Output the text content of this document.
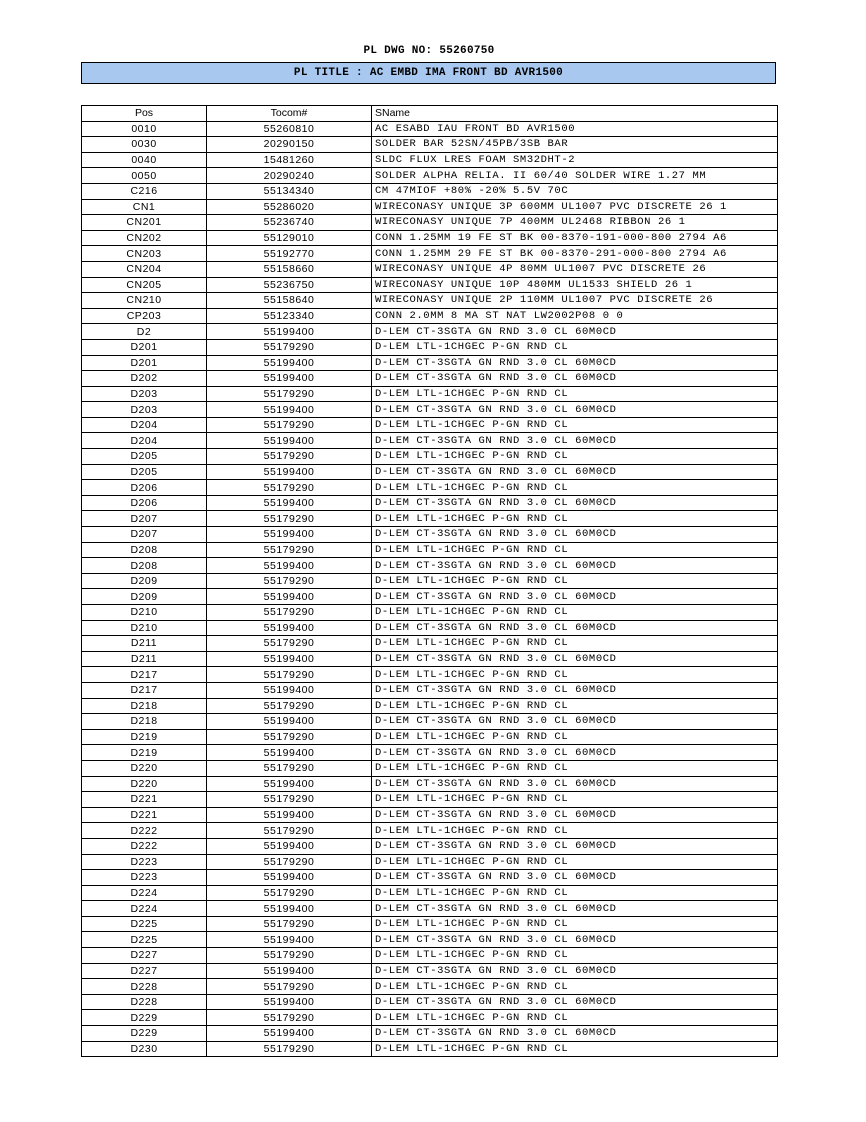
PL DWG NO: 55260750
PL TITLE : AC EMBD IMA FRONT BD AVR1500
Pos	Tocom#	SName
0010	55260810	AC ESABD IAU FRONT BD AVR1500
0030	20290150	SOLDER BAR 52SN/45PB/3SB BAR
0040	15481260	SLDC FLUX LRES FOAM SM32DHT-2
0050	20290240	SOLDER ALPHA RELIA. II 60/40 SOLDER WIRE 1.27 MM
C216	55134340	CM 47MIOF +80% -20% 5.5V 70C
CN1	55286020	WIRECONASY UNIQUE 3P 600MM UL1007 PVC DISCRETE 26 1
CN201	55236740	WIRECONASY UNIQUE 7P 400MM UL2468 RIBBON 26 1
CN202	55129010	CONN 1.25MM 19 FE ST BK 00-8370-191-000-800 2794 A6
CN203	55192770	CONN 1.25MM 29 FE ST BK 00-8370-291-000-800 2794 A6
CN204	55158660	WIRECONASY UNIQUE 4P 80MM UL1007 PVC DISCRETE 26
CN205	55236750	WIRECONASY UNIQUE 10P 480MM UL1533 SHIELD 26 1
CN210	55158640	WIRECONASY UNIQUE 2P 110MM UL1007 PVC DISCRETE 26
CP203	55123340	CONN 2.0MM 8 MA ST NAT LW2002P08 0 0
D2	55199400	D-LEM CT-3SGTA GN RND 3.0 CL 60M0CD
D201	55179290	D-LEM LTL-1CHGEC P-GN RND CL
D201	55199400	D-LEM CT-3SGTA GN RND 3.0 CL 60M0CD
D202	55199400	D-LEM CT-3SGTA GN RND 3.0 CL 60M0CD
D203	55179290	D-LEM LTL-1CHGEC P-GN RND CL
D203	55199400	D-LEM CT-3SGTA GN RND 3.0 CL 60M0CD
D204	55179290	D-LEM LTL-1CHGEC P-GN RND CL
D204	55199400	D-LEM CT-3SGTA GN RND 3.0 CL 60M0CD
D205	55179290	D-LEM LTL-1CHGEC P-GN RND CL
D205	55199400	D-LEM CT-3SGTA GN RND 3.0 CL 60M0CD
D206	55179290	D-LEM LTL-1CHGEC P-GN RND CL
D206	55199400	D-LEM CT-3SGTA GN RND 3.0 CL 60M0CD
D207	55179290	D-LEM LTL-1CHGEC P-GN RND CL
D207	55199400	D-LEM CT-3SGTA GN RND 3.0 CL 60M0CD
D208	55179290	D-LEM LTL-1CHGEC P-GN RND CL
D208	55199400	D-LEM CT-3SGTA GN RND 3.0 CL 60M0CD
D209	55179290	D-LEM LTL-1CHGEC P-GN RND CL
D209	55199400	D-LEM CT-3SGTA GN RND 3.0 CL 60M0CD
D210	55179290	D-LEM LTL-1CHGEC P-GN RND CL
D210	55199400	D-LEM CT-3SGTA GN RND 3.0 CL 60M0CD
D211	55179290	D-LEM LTL-1CHGEC P-GN RND CL
D211	55199400	D-LEM CT-3SGTA GN RND 3.0 CL 60M0CD
D217	55179290	D-LEM LTL-1CHGEC P-GN RND CL
D217	55199400	D-LEM CT-3SGTA GN RND 3.0 CL 60M0CD
D218	55179290	D-LEM LTL-1CHGEC P-GN RND CL
D218	55199400	D-LEM CT-3SGTA GN RND 3.0 CL 60M0CD
D219	55179290	D-LEM LTL-1CHGEC P-GN RND CL
D219	55199400	D-LEM CT-3SGTA GN RND 3.0 CL 60M0CD
D220	55179290	D-LEM LTL-1CHGEC P-GN RND CL
D220	55199400	D-LEM CT-3SGTA GN RND 3.0 CL 60M0CD
D221	55179290	D-LEM LTL-1CHGEC P-GN RND CL
D221	55199400	D-LEM CT-3SGTA GN RND 3.0 CL 60M0CD
D222	55179290	D-LEM LTL-1CHGEC P-GN RND CL
D222	55199400	D-LEM CT-3SGTA GN RND 3.0 CL 60M0CD
D223	55179290	D-LEM LTL-1CHGEC P-GN RND CL
D223	55199400	D-LEM CT-3SGTA GN RND 3.0 CL 60M0CD
D224	55179290	D-LEM LTL-1CHGEC P-GN RND CL
D224	55199400	D-LEM CT-3SGTA GN RND 3.0 CL 60M0CD
D225	55179290	D-LEM LTL-1CHGEC P-GN RND CL
D225	55199400	D-LEM CT-3SGTA GN RND 3.0 CL 60M0CD
D227	55179290	D-LEM LTL-1CHGEC P-GN RND CL
D227	55199400	D-LEM CT-3SGTA GN RND 3.0 CL 60M0CD
D228	55179290	D-LEM LTL-1CHGEC P-GN RND CL
D228	55199400	D-LEM CT-3SGTA GN RND 3.0 CL 60M0CD
D229	55179290	D-LEM LTL-1CHGEC P-GN RND CL
D229	55199400	D-LEM CT-3SGTA GN RND 3.0 CL 60M0CD
D230	55179290	D-LEM LTL-1CHGEC P-GN RND CL
